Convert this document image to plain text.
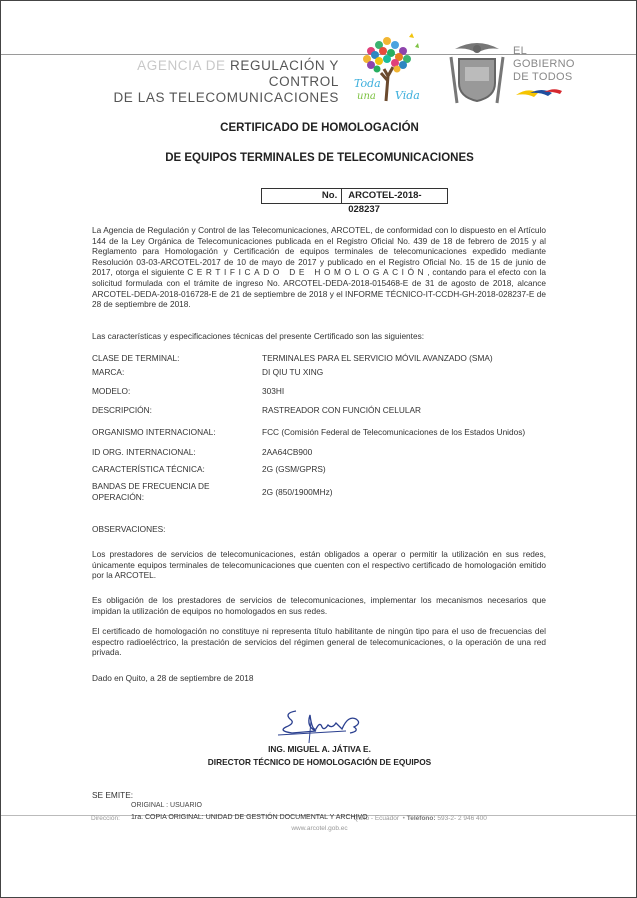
AGENCIA DE REGULACIÓN Y CONTROL
DE LAS TELECOMUNICACIONES
Toda
una Vida
EL
GOBIERNO
DE TODOS
CERTIFICADO DE HOMOLOGACIÓN
DE EQUIPOS TERMINALES DE TELECOMUNICACIONES
No.	ARCOTEL-2018-028237
La Agencia de Regulación y Control de las Telecomunicaciones, ARCOTEL, de conformidad con lo dispuesto en el Artículo 144 de la Ley Orgánica de Telecomunicaciones publicada en el Registro Oficial No. 439 de 18 de febrero de 2015 y al Reglamento para Homologación y Certificación de equipos terminales de telecomunicaciones expedido mediante Resolución 03-03-ARCOTEL-2017 de 10 de mayo de 2017 y publicado en el Registro Oficial No. 15 de 15 de junio de 2017, otorga el siguiente CERTIFICADO DE HOMOLOGACIÓN, contando para el efecto con la solicitud formulada con el trámite de ingreso No. ARCOTEL-DEDA-2018-015468-E de 31 de agosto de 2018, alcance ARCOTEL-DEDA-2018-016728-E de 21 de septiembre de 2018 y el INFORME TÉCNICO-IT-CCDH-GH-2018-028237-E de 28 de septiembre de 2018.
Las características y especificaciones técnicas del presente Certificado son las siguientes:
CLASE DE TERMINAL:	TERMINALES PARA EL SERVICIO MÓVIL AVANZADO (SMA)
MARCA:	DI QIU TU XING
MODELO:	303HI
DESCRIPCIÓN:	RASTREADOR CON FUNCIÓN CELULAR
ORGANISMO INTERNACIONAL:	FCC (Comisión Federal de Telecomunicaciones de los Estados Unidos)
ID ORG. INTERNACIONAL:	2AA64CB900
CARACTERÍSTICA TÉCNICA:	2G (GSM/GPRS)
BANDAS DE FRECUENCIA DE OPERACIÓN:	2G (850/1900MHz)
OBSERVACIONES:
Los prestadores de servicios de telecomunicaciones, están obligados a operar o permitir la utilización en sus redes, únicamente equipos terminales de telecomunicaciones que cuenten con el respectivo certificado de homologación emitido por la ARCOTEL.
Es obligación de los prestadores de servicios de telecomunicaciones, implementar los mecanismos necesarios que impidan la utilización de equipos no homologados en sus redes.
El certificado de homologación no constituye ni representa título habilitante de ningún tipo para el uso de frecuencias del espectro radioeléctrico, la prestación de servicios del régimen general de telecomunicaciones, o la operación de una red privada.
Dado en Quito, a 28 de septiembre de 2018
ING. MIGUEL A. JÁTIVA E.
DIRECTOR TÉCNICO DE HOMOLOGACIÓN DE EQUIPOS
SE EMITE:
ORIGINAL : USUARIO
Dirección:	Quito - Ecuador  • Teléfono: 593-2- 2 946 400
1ra. COPIA ORIGINAL: UNIDAD DE GESTIÓN DOCUMENTAL Y ARCHIVO
www.arcotel.gob.ec
